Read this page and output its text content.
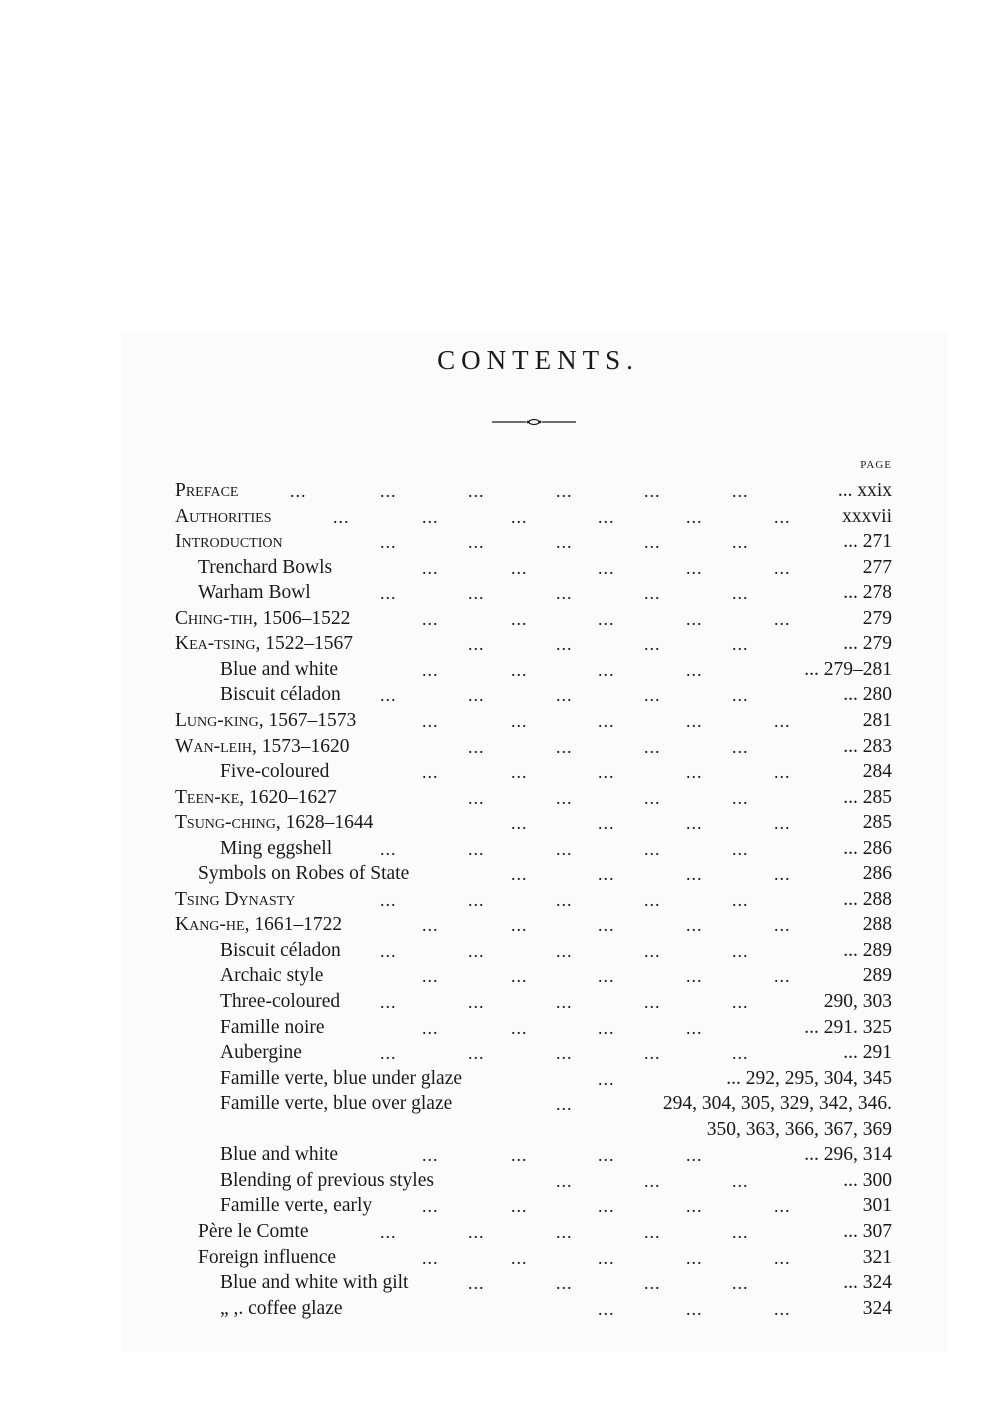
CONTENTS.
PAGE
Preface	...	...	...	...	...	...	... xxix
Authorities	...	...	...	...	...	...	xxxvii
Introduction	...	...	...	...	...	... 271
Trenchard Bowls	...	...	...	...	...	277
Warham Bowl	...	...	...	...	...	... 278
Ching-tih, 1506–1522	...	...	...	...	...	279
Kea-tsing, 1522–1567	...	...	...	...	... 279
Blue and white	...	...	...	...	... 279–281
Biscuit céladon ...	...	...	...	...	... 280
Lung-king, 1567–1573	...	...	...	...	...	281
Wan-leih, 1573–1620	...	...	...	...	... 283
Five-coloured	...	...	...	...	...	284
Teen-ke, 1620–1627	...	...	...	...	... 285
Tsung-ching, 1628–1644	...	...	...	...	285
Ming eggshell	...	...	...	...	...	... 286
Symbols on Robes of State	...	...	...	...	286
Tsing Dynasty	...	...	...	...	...	... 288
Kang-he, 1661–1722	...	...	...	...	...	288
Biscuit céladon ...	...	...	...	...	... 289
Archaic style	...	...	...	...	...	289
Three-coloured ...	...	...	...	...	290, 303
Famille noire	...	...	...	...	... 291. 325
Aubergine	...	...	...	...	...	... 291
Famille verte, blue under glaze	...	... 292, 295, 304, 345
Famille verte, blue over glaze	...	294, 304, 305, 329, 342, 346.
350, 363, 366, 367, 369
Blue and white	...	...	...	...	... 296, 314
Blending of previous styles	...	...	...	... 300
Famille verte, early	...	...	...	...	...	301
Père le Comte	...	...	...	...	...	... 307
Foreign influence	...	...	...	...	...	321
Blue and white with gilt	...	...	...	...	... 324
„ ,. coffee glaze	...	...	...	324
